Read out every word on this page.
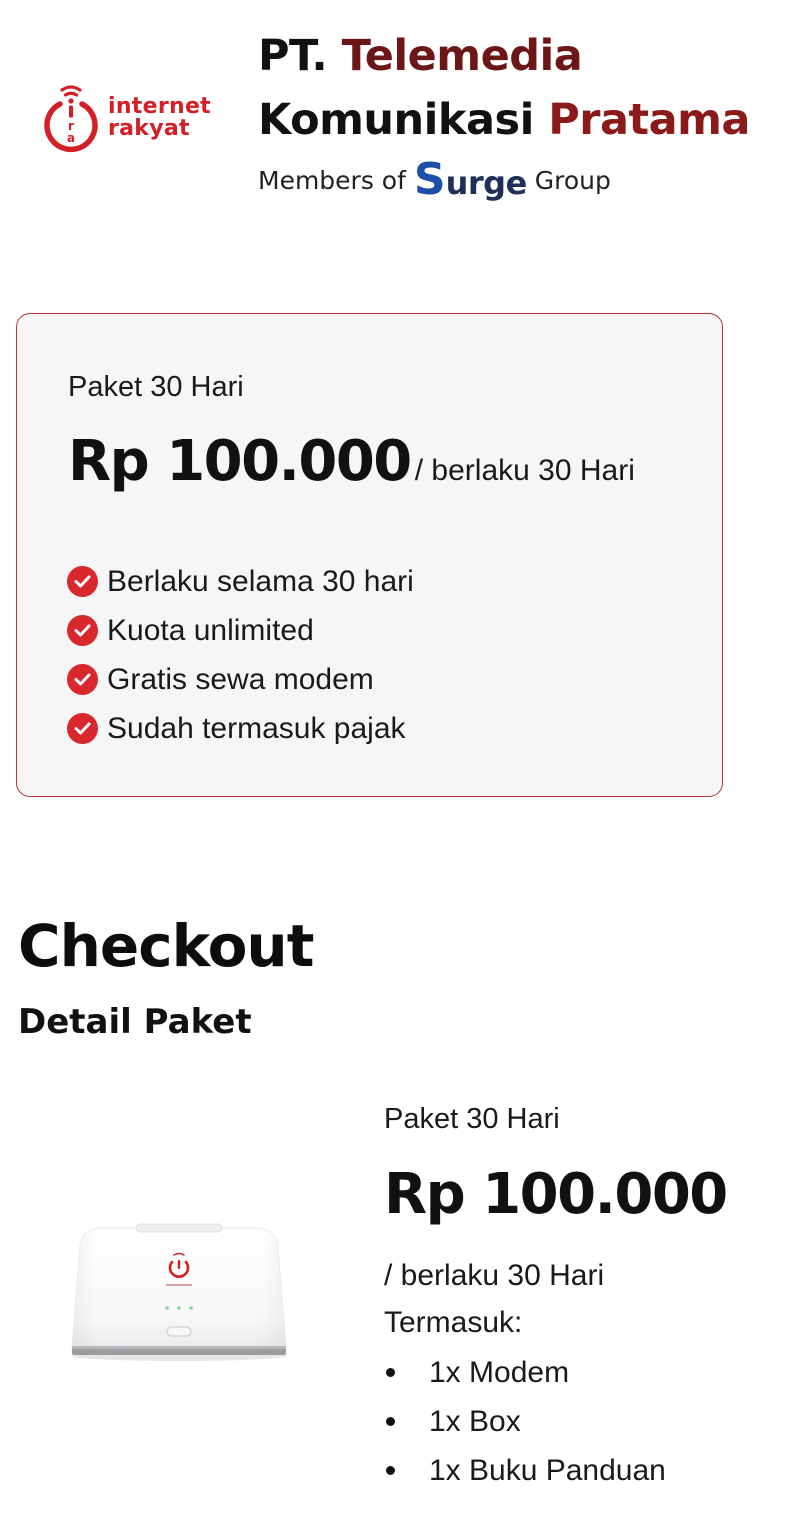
r
a
internet
rakyat
PT. Telemedia
Komunikasi Pratama
Members of S urge Group
Paket 30 Hari
Rp 100.000 / berlaku 30 Hari
Berlaku selama 30 hari
Kuota unlimited
Gratis sewa modem
Sudah termasuk pajak
Checkout
Detail Paket
Paket 30 Hari
Rp 100.000
/ berlaku 30 Hari
Termasuk:
1x Modem
1x Box
1x Buku Panduan
